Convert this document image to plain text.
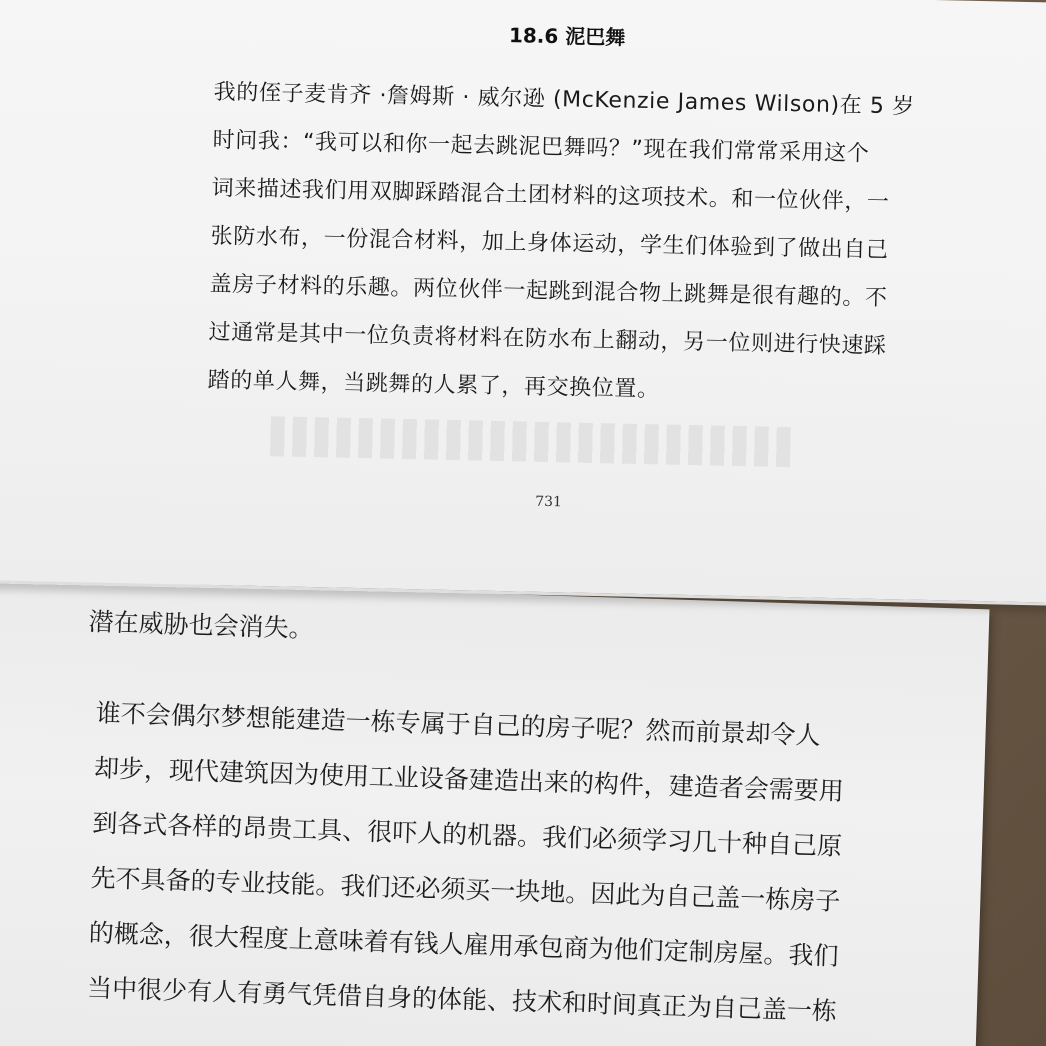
潜在威胁也会消失。
谁不会偶尔梦想能建造一栋专属于自己的房子呢？然而前景却令人
却步，现代建筑因为使用工业设备建造出来的构件，建造者会需要用
到各式各样的昂贵工具、很吓人的机器。我们必须学习几十种自己原
先不具备的专业技能。我们还必须买一块地。因此为自己盖一栋房子
的概念，很大程度上意味着有钱人雇用承包商为他们定制房屋。我们
当中很少有人有勇气凭借自身的体能、技术和时间真正为自己盖一栋
18.6 泥巴舞
我的侄子麦肯齐 ·詹姆斯 · 威尔逊 (McKenzie James Wilson)在 5 岁
时问我：“我可以和你一起去跳泥巴舞吗？”现在我们常常采用这个
词来描述我们用双脚踩踏混合土团材料的这项技术。和一位伙伴，一
张防水布，一份混合材料，加上身体运动，学生们体验到了做出自己
盖房子材料的乐趣。两位伙伴一起跳到混合物上跳舞是很有趣的。不
过通常是其中一位负责将材料在防水布上翻动，另一位则进行快速踩
踏的单人舞，当跳舞的人累了，再交换位置。
731
